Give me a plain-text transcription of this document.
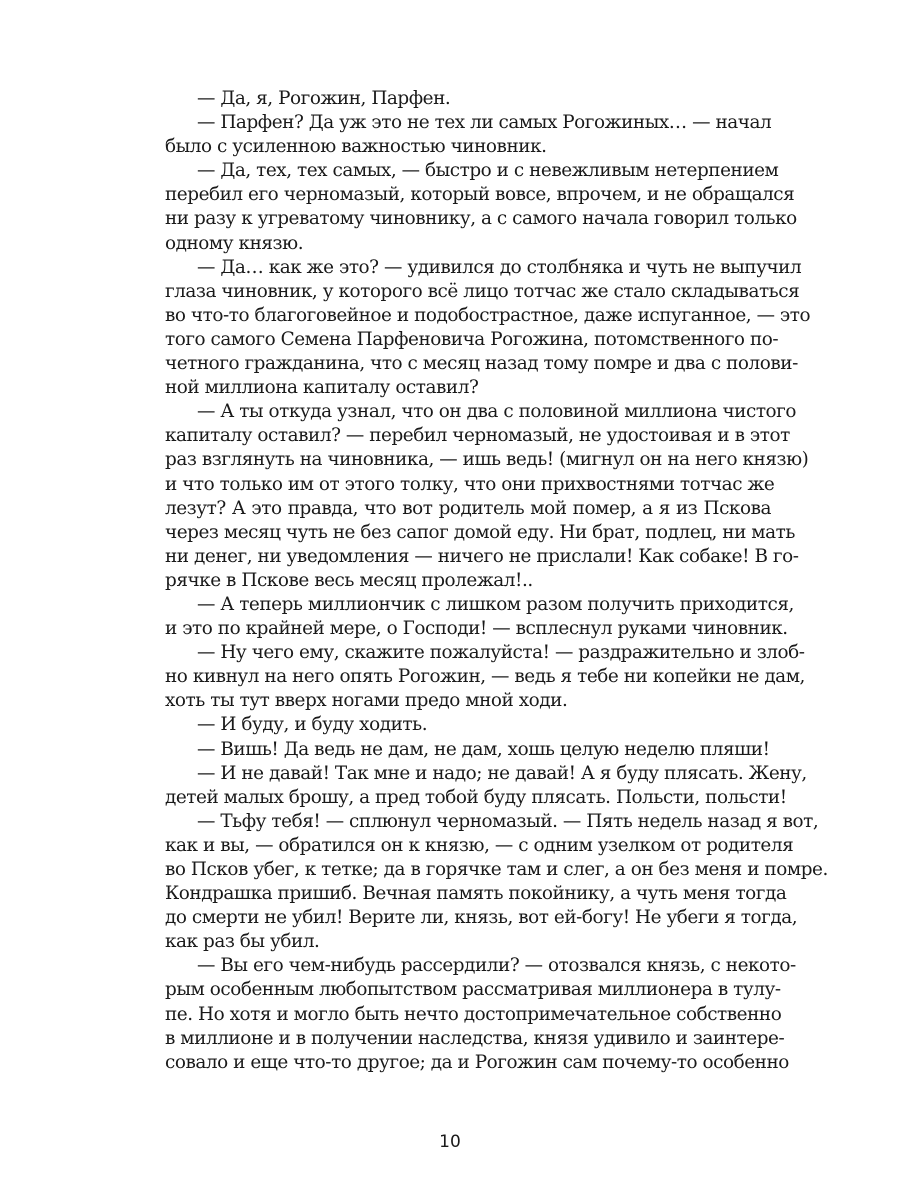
— Да, я, Рогожин, Парфен.
— Парфен? Да уж это не тех ли самых Рогожиных… — начал
было с усиленною важностью чиновник.
— Да, тех, тех самых, — быстро и с невежливым нетерпением
перебил его черномазый, который вовсе, впрочем, и не обращался
ни разу к угреватому чиновнику, а с самого начала говорил только
одному князю.
— Да… как же это? — удивился до столбняка и чуть не выпучил
глаза чиновник, у которого всё лицо тотчас же стало складываться
во что-то благоговейное и подобострастное, даже испуганное, — это
того самого Семена Парфеновича Рогожина, потомственного по-
четного гражданина, что с месяц назад тому помре и два с полови-
ной миллиона капиталу оставил?
— А ты откуда узнал, что он два с половиной миллиона чистого
капиталу оставил? — перебил черномазый, не удостоивая и в этот
раз взглянуть на чиновника, — ишь ведь! (мигнул он на него князю)
и что только им от этого толку, что они прихвостнями тотчас же
лезут? А это правда, что вот родитель мой помер, а я из Пскова
через месяц чуть не без сапог домой еду. Ни брат, подлец, ни мать
ни денег, ни уведомления — ничего не прислали! Как собаке! В го-
рячке в Пскове весь месяц пролежал!..
— А теперь миллиончик с лишком разом получить приходится,
и это по крайней мере, о Господи! — всплеснул руками чиновник.
— Ну чего ему, скажите пожалуйста! — раздражительно и злоб-
но кивнул на него опять Рогожин, — ведь я тебе ни копейки не дам,
хоть ты тут вверх ногами предо мной ходи.
— И буду, и буду ходить.
— Вишь! Да ведь не дам, не дам, хошь целую неделю пляши!
— И не давай! Так мне и надо; не давай! А я буду плясать. Жену,
детей малых брошу, а пред тобой буду плясать. Польсти, польсти!
— Тьфу тебя! — сплюнул черномазый. — Пять недель назад я вот,
как и вы, — обратился он к князю, — с одним узелком от родителя
во Псков убег, к тетке; да в горячке там и слег, а он без меня и помре.
Кондрашка пришиб. Вечная память покойнику, а чуть меня тогда
до смерти не убил! Верите ли, князь, вот ей-богу! Не убеги я тогда,
как раз бы убил.
— Вы его чем-нибудь рассердили? — отозвался князь, с некото-
рым особенным любопытством рассматривая миллионера в тулу-
пе. Но хотя и могло быть нечто достопримечательное собственно
в миллионе и в получении наследства, князя удивило и заинтере-
совало и еще что-то другое; да и Рогожин сам почему-то особенно
10
